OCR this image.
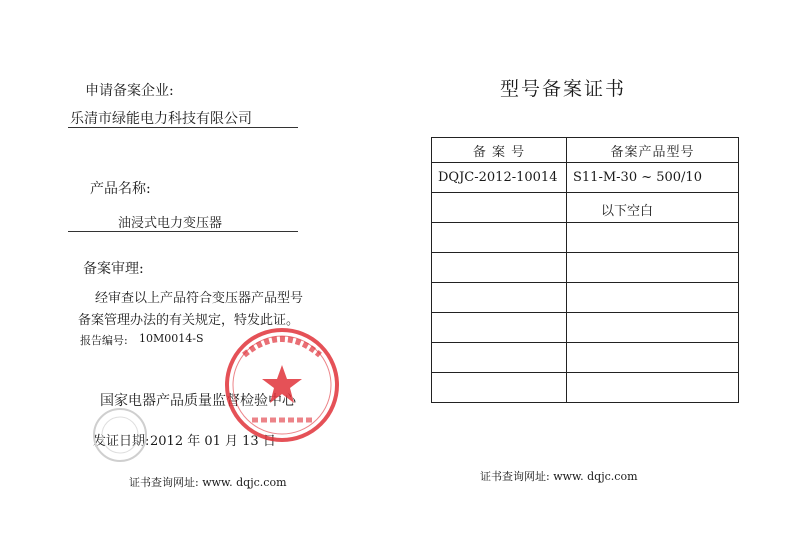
申请备案企业:
乐清市绿能电力科技有限公司
产品名称:
油浸式电力变压器
备案审理:
经审查以上产品符合变压器产品型号
备案管理办法的有关规定，特发此证。
报告编号: 10M0014-S
国家电器产品质量监督检验中心
发证日期: 2012 年 01 月 13 日
证书查询网址: www. dqjc.com
型号备案证书
备 案 号	备案产品型号
DQJC-2012-10014	S11-M-30 ~ 500/10

	以下空白

证书查询网址: www. dqjc.com
